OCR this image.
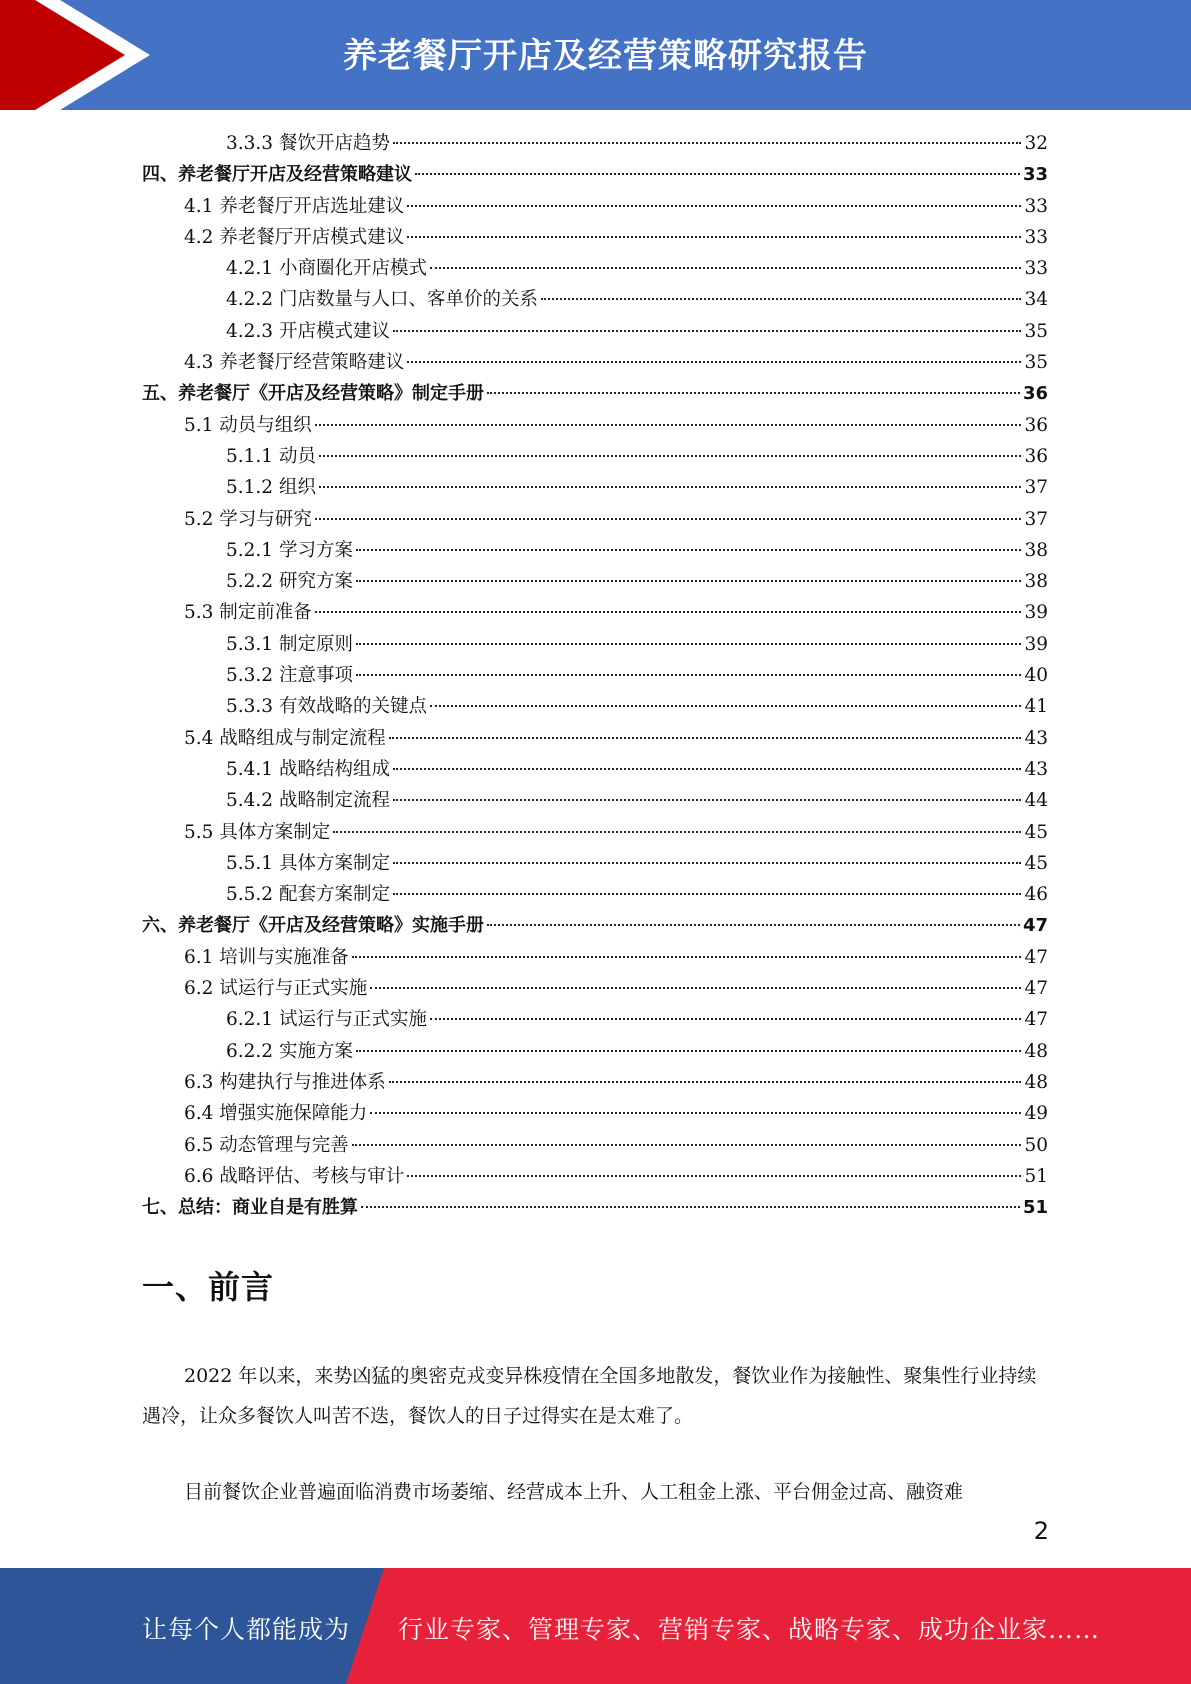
养老餐厅开店及经营策略研究报告
3.3.3 餐饮开店趋势	32
四、养老餐厅开店及经营策略建议	33
4.1 养老餐厅开店选址建议	33
4.2 养老餐厅开店模式建议	33
4.2.1 小商圈化开店模式	33
4.2.2 门店数量与人口、客单价的关系	34
4.2.3 开店模式建议	35
4.3 养老餐厅经营策略建议	35
五、养老餐厅《开店及经营策略》制定手册	36
5.1 动员与组织	36
5.1.1 动员	36
5.1.2 组织	37
5.2 学习与研究	37
5.2.1 学习方案	38
5.2.2 研究方案	38
5.3 制定前准备	39
5.3.1 制定原则	39
5.3.2 注意事项	40
5.3.3 有效战略的关键点	41
5.4 战略组成与制定流程	43
5.4.1 战略结构组成	43
5.4.2 战略制定流程	44
5.5 具体方案制定	45
5.5.1 具体方案制定	45
5.5.2 配套方案制定	46
六、养老餐厅《开店及经营策略》实施手册	47
6.1 培训与实施准备	47
6.2 试运行与正式实施	47
6.2.1 试运行与正式实施	47
6.2.2 实施方案	48
6.3 构建执行与推进体系	48
6.4 增强实施保障能力	49
6.5 动态管理与完善	50
6.6 战略评估、考核与审计	51
七、总结：商业自是有胜算	51
一、前言
2022 年以来，来势凶猛的奥密克戎变异株疫情在全国多地散发，餐饮业作为接触性、聚集性行业持续遇冷，让众多餐饮人叫苦不迭，餐饮人的日子过得实在是太难了。
目前餐饮企业普遍面临消费市场萎缩、经营成本上升、人工租金上涨、平台佣金过高、融资难
2
让每个人都能成为 行业专家、管理专家、营销专家、战略专家、成功企业家……
